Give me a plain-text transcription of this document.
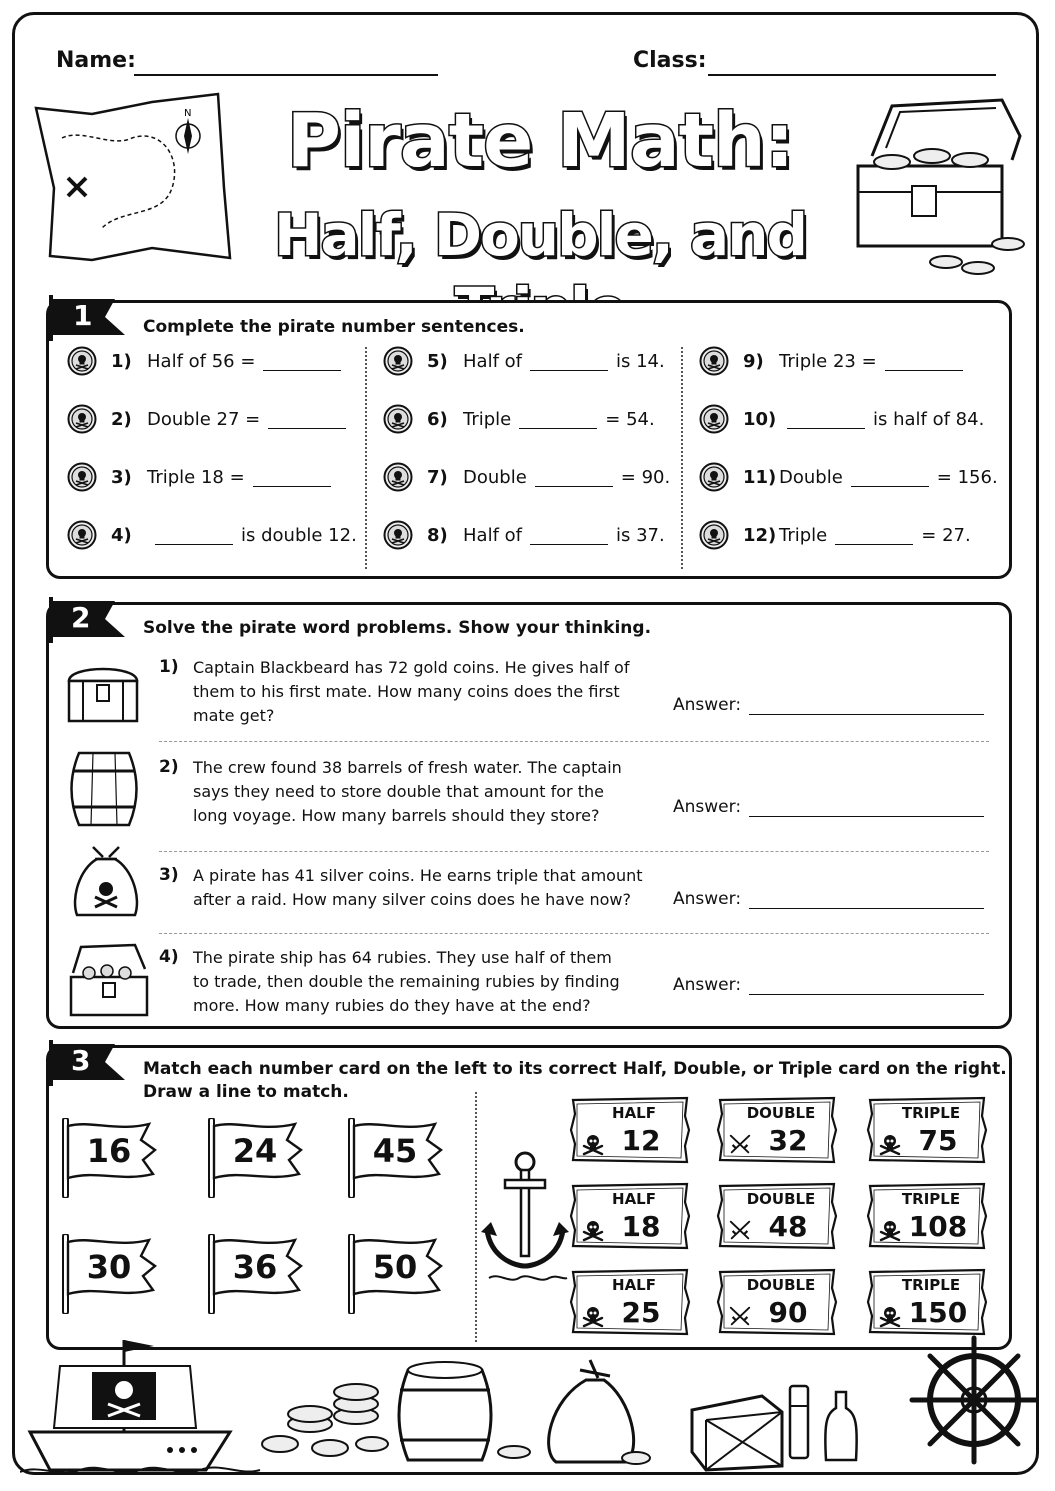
Name:	Class:
Pirate Math:
Half, Double, and
N
1	Complete the pirate number sentences.
1) Half of 56 =
2) Double 27 =
3) Triple 18 =
4)	is double 12.
5) Half of	is 14.
6) Triple	= 54.
7) Double	= 90.
8) Half of	is 37.
9) Triple 23 =
10)	is half of 84.
11) Double	= 156.
12) Triple	= 27.
2	Solve the pirate word problems. Show your thinking.
1) Captain Blackbeard has 72 gold coins. He gives half of
them to his first mate. How many coins does the first
mate get?
Answer:
2) The crew found 38 barrels of fresh water. The captain
says they need to store double that amount for the
long voyage. How many barrels should they store?	Answer:
3) A pirate has 41 silver coins. He earns triple that amount
after a raid. How many silver coins does he have now?	Answer:
4) The pirate ship has 64 rubies. They use half of them
to trade, then double the remaining rubies by finding
more. How many rubies do they have at the end?
Answer:
3	Match each number card on the left to its correct Half, Double, or Triple card on the right.
Draw a line to match.
16	24	45
30	36	50
HALF
12
DOUBLE
32
TRIPLE
75
HALF
18
DOUBLE
48
TRIPLE
108
HALF
25
DOUBLE
90
TRIPLE
150
